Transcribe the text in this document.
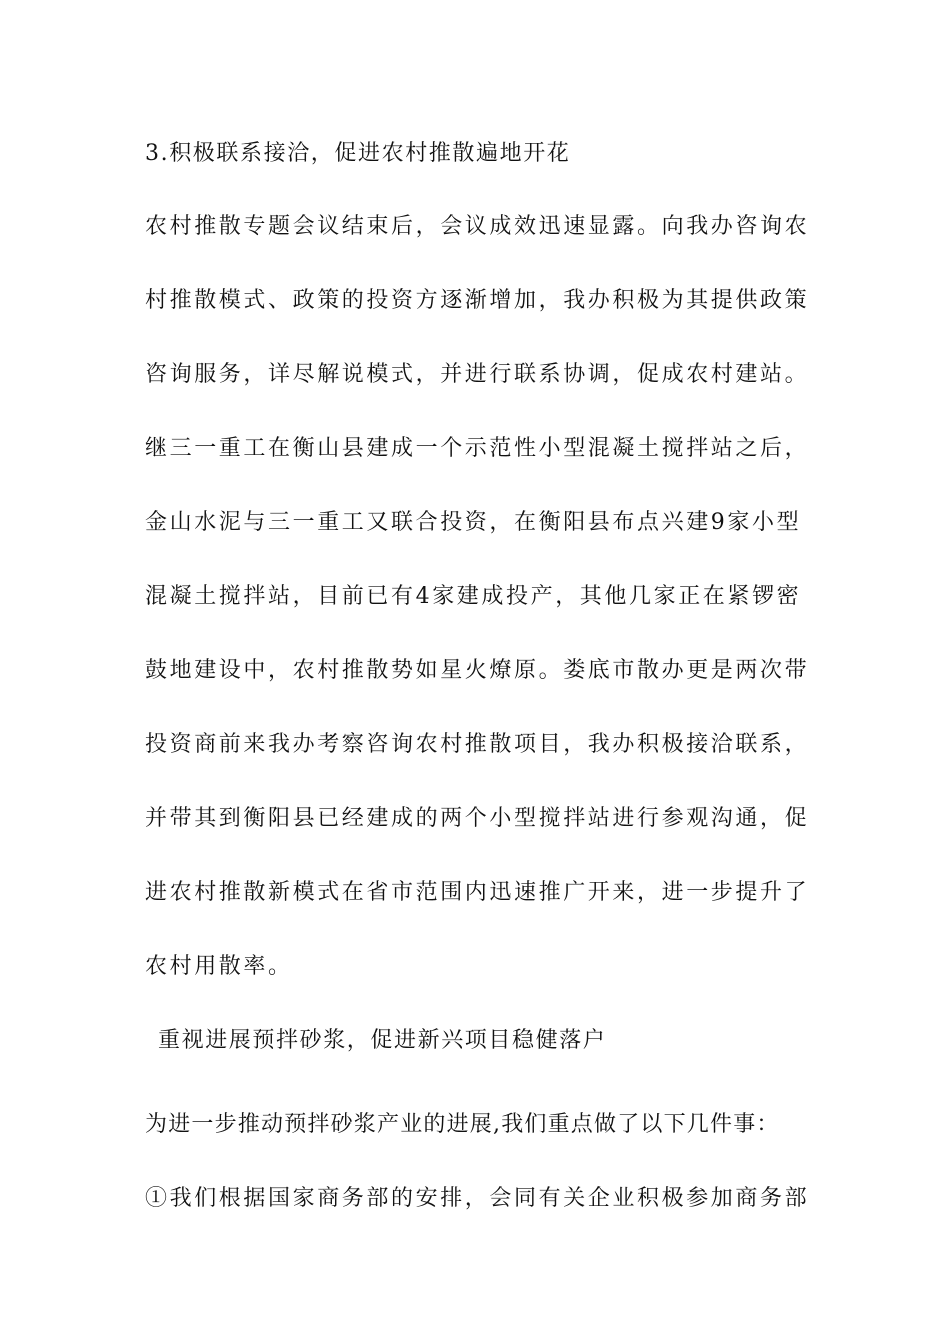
3.积极联系接洽，促进农村推散遍地开花
农村推散专题会议结束后，会议成效迅速显露。向我办咨询农
村推散模式、政策的投资方逐渐增加，我办积极为其提供政策
咨询服务，详尽解说模式，并进行联系协调，促成农村建站。
继三一重工在衡山县建成一个示范性小型混凝土搅拌站之后，
金山水泥与三一重工又联合投资，在衡阳县布点兴建9家小型
混凝土搅拌站，目前已有4家建成投产，其他几家正在紧锣密
鼓地建设中，农村推散势如星火燎原。娄底市散办更是两次带
投资商前来我办考察咨询农村推散项目，我办积极接洽联系，
并带其到衡阳县已经建成的两个小型搅拌站进行参观沟通，促
进农村推散新模式在省市范围内迅速推广开来，进一步提升了
农村用散率。
重视进展预拌砂浆，促进新兴项目稳健落户
为进一步推动预拌砂浆产业的进展,我们重点做了以下几件事：
①我们根据国家商务部的安排，会同有关企业积极参加商务部
